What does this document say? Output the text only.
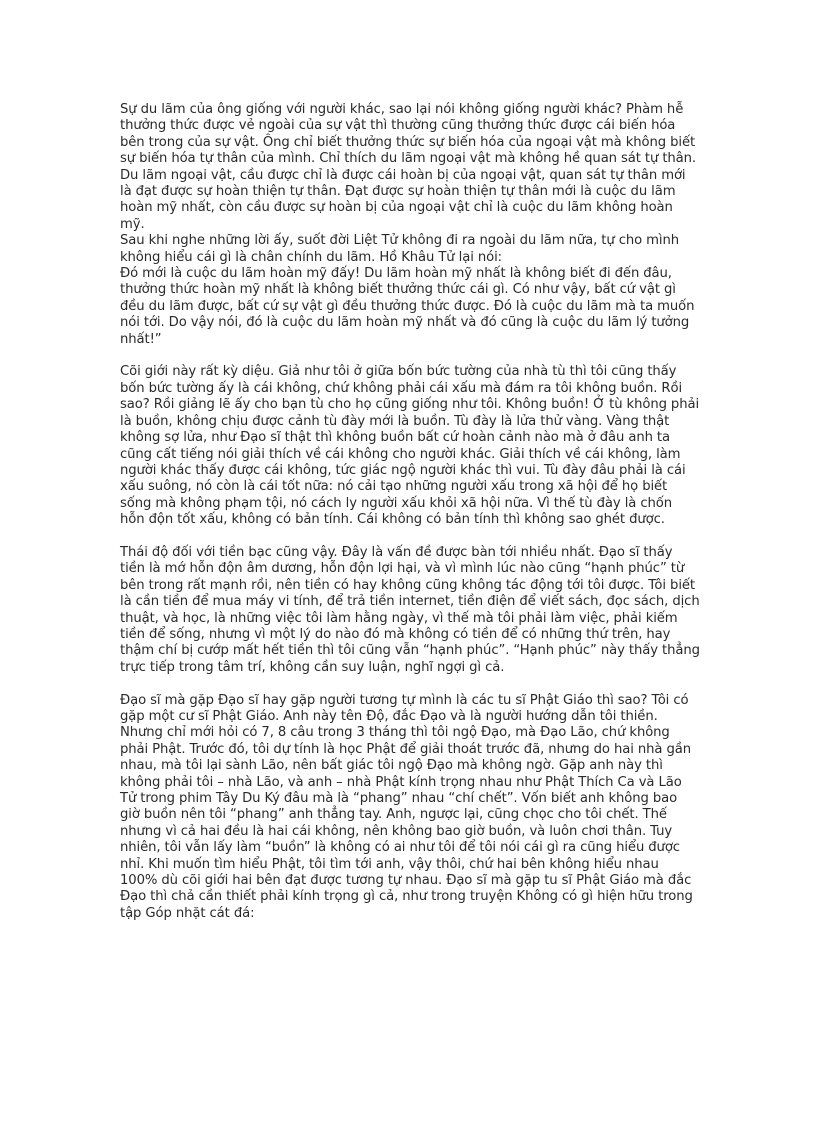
Sự du lãm của ông giống với người khác, sao lại nói không giống người khác? Phàm hễ thưởng thức được vẻ ngoài của sự vật thì thường cũng thưởng thức được cái biến hóa bên trong của sự vật. Ông chỉ biết thưởng thức sự biến hóa của ngoại vật mà không biết sự biến hóa tự thân của mình. Chỉ thích du lãm ngoại vật mà không hề quan sát tự thân. Du lãm ngoại vật, cầu được chỉ là được cái hoàn bị của ngoại vật, quan sát tự thân mới là đạt được sự hoàn thiện tự thân. Đạt được sự hoàn thiện tự thân mới là cuộc du lãm hoàn mỹ nhất, còn cầu được sự hoàn bị của ngoại vật chỉ là cuộc du lãm không hoàn mỹ.

Sau khi nghe những lời ấy, suốt đời Liệt Tử không đi ra ngoài du lãm nữa, tự cho mình không hiểu cái gì là chân chính du lãm. Hồ Khâu Tử lại nói:

Đó mới là cuộc du lãm hoàn mỹ đấy! Du lãm hoàn mỹ nhất là không biết đi đến đâu, thưởng thức hoàn mỹ nhất là không biết thưởng thức cái gì. Có như vậy, bất cứ vật gì đều du lãm được, bất cứ sự vật gì đều thưởng thức được. Đó là cuộc du lãm mà ta muốn nói tới. Do vậy nói, đó là cuộc du lãm hoàn mỹ nhất và đó cũng là cuộc du lãm lý tưởng nhất!”

Cõi giới này rất kỳ diệu. Giả như tôi ở giữa bốn bức tường của nhà tù thì tôi cũng thấy bốn bức tường ấy là cái không, chứ không phải cái xấu mà đám ra tôi không buồn. Rồi sao? Rồi giảng lẽ ấy cho bạn tù cho họ cũng giống như tôi. Không buồn! Ở tù không phải là buồn, không chịu được cảnh tù đày mới là buồn. Tù đày là lửa thử vàng. Vàng thật không sợ lửa, như Đạo sĩ thật thì không buồn bất cứ hoàn cảnh nào mà ở đâu anh ta cũng cất tiếng nói giải thích về cái không cho người khác. Giải thích về cái không, làm người khác thấy được cái không, tức giác ngộ người khác thì vui. Tù đày đâu phải là cái xấu suông, nó còn là cái tốt nữa: nó cải tạo những người xấu trong xã hội để họ biết sống mà không phạm tội, nó cách ly người xấu khỏi xã hội nữa. Vì thế tù đày là chốn hỗn độn tốt xấu, không có bản tính. Cái không có bản tính thì không sao ghét được.

Thái độ đối với tiền bạc cũng vậy. Đây là vấn đề được bàn tới nhiều nhất. Đạo sĩ thấy tiền là mớ hỗn độn âm dương, hỗn độn lợi hại, và vì mình lúc nào cũng “hạnh phúc” từ bên trong rất mạnh rồi, nên tiền có hay không cũng không tác động tới tôi được. Tôi biết là cần tiền để mua máy vi tính, để trả tiền internet, tiền điện để viết sách, đọc sách, dịch thuật, và học, là những việc tôi làm hằng ngày, vì thế mà tôi phải làm việc, phải kiếm tiền để sống, nhưng vì một lý do nào đó mà không có tiền để có những thứ trên, hay thậm chí bị cướp mất hết tiền thì tôi cũng vẫn “hạnh phúc”. “Hạnh phúc” này thấy thẳng trực tiếp trong tâm trí, không cần suy luận, nghĩ ngợi gì cả.

Đạo sĩ mà gặp Đạo sĩ hay gặp người tương tự mình là các tu sĩ Phật Giáo thì sao? Tôi có gặp một cư sĩ Phật Giáo. Anh này tên Độ, đắc Đạo và là người hướng dẫn tôi thiền. Nhưng chỉ mới hỏi có 7, 8 câu trong 3 tháng thì tôi ngộ Đạo, mà Đạo Lão, chứ không phải Phật. Trước đó, tôi dự tính là học Phật để giải thoát trước đã, nhưng do hai nhà gần nhau, mà tôi lại sành Lão, nên bất giác tôi ngộ Đạo mà không ngờ. Gặp anh này thì không phải tôi – nhà Lão, và anh – nhà Phật kính trọng nhau như Phật Thích Ca và Lão Tử trong phim Tây Du Ký đâu mà là “phang” nhau “chí chết”. Vốn biết anh không bao giờ buồn nên tôi “phang” anh thẳng tay. Anh, ngược lại, cũng chọc cho tôi chết. Thế nhưng vì cả hai đều là hai cái không, nên không bao giờ buồn, và luôn chơi thân. Tuy nhiên, tôi vẫn lấy làm “buồn” là không có ai như tôi để tôi nói cái gì ra cũng hiểu được nhỉ. Khi muốn tìm hiểu Phật, tôi tìm tới anh, vậy thôi, chứ hai bên không hiểu nhau 100% dù cõi giới hai bên đạt được tương tự nhau. Đạo sĩ mà gặp tu sĩ Phật Giáo mà đắc Đạo thì chả cần thiết phải kính trọng gì cả, như trong truyện Không có gì hiện hữu trong tập Góp nhặt cát đá:
